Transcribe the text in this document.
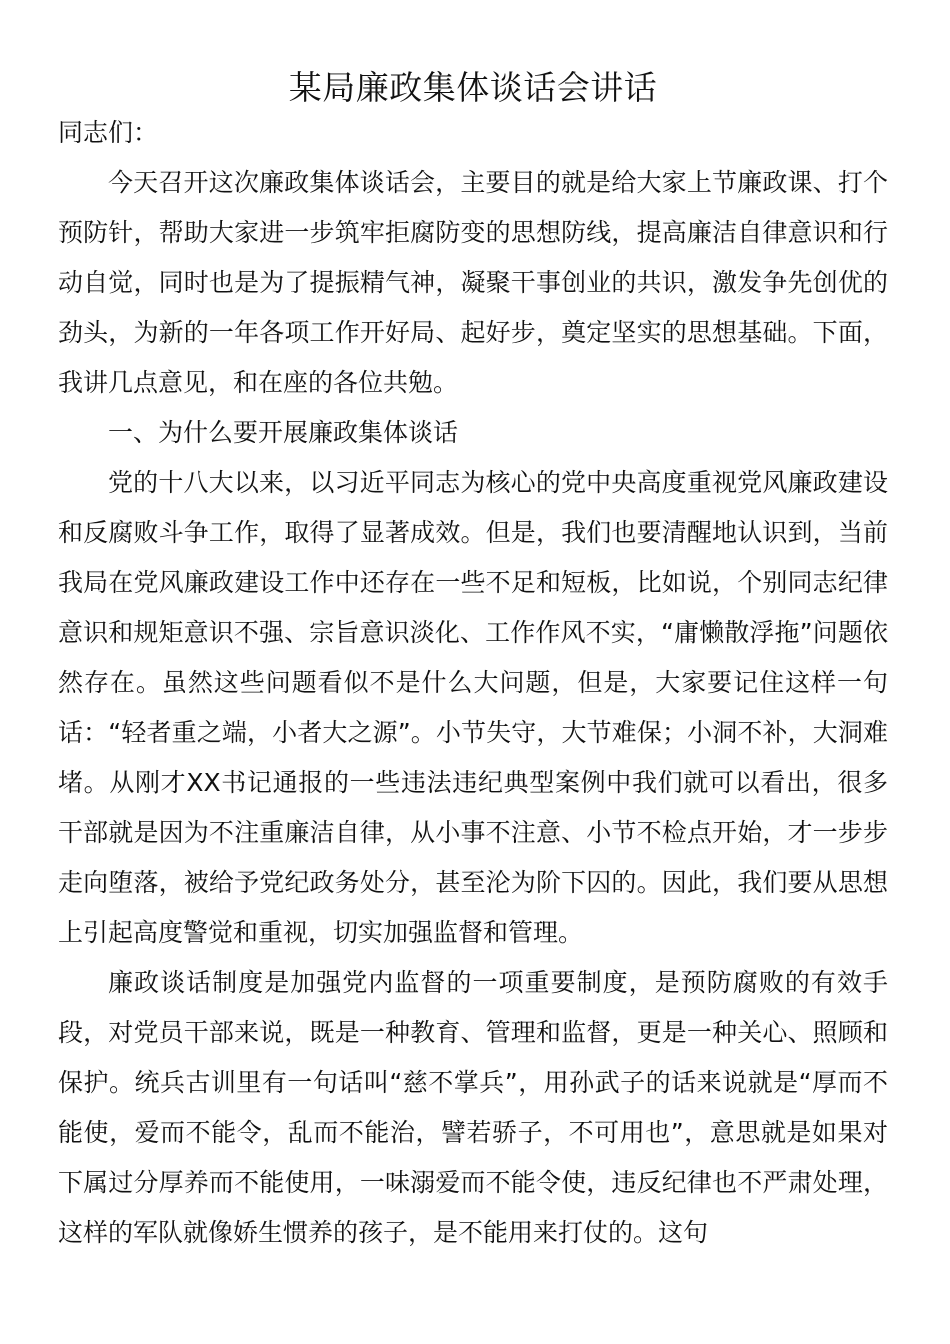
某局廉政集体谈话会讲话

同志们：

今天召开这次廉政集体谈话会，主要目的就是给大家上节廉政课、打个预防针，帮助大家进一步筑牢拒腐防变的思想防线，提高廉洁自律意识和行动自觉，同时也是为了提振精气神，凝聚干事创业的共识，激发争先创优的劲头，为新的一年各项工作开好局、起好步，奠定坚实的思想基础。下面，我讲几点意见，和在座的各位共勉。

一、为什么要开展廉政集体谈话

党的十八大以来，以习近平同志为核心的党中央高度重视党风廉政建设和反腐败斗争工作，取得了显著成效。但是，我们也要清醒地认识到，当前我局在党风廉政建设工作中还存在一些不足和短板，比如说，个别同志纪律意识和规矩意识不强、宗旨意识淡化、工作作风不实，“庸懒散浮拖”问题依然存在。虽然这些问题看似不是什么大问题，但是，大家要记住这样一句话：“轻者重之端，小者大之源”。小节失守，大节难保；小洞不补，大洞难堵。从刚才XX书记通报的一些违法违纪典型案例中我们就可以看出，很多干部就是因为不注重廉洁自律，从小事不注意、小节不检点开始，才一步步走向堕落，被给予党纪政务处分，甚至沦为阶下囚的。因此，我们要从思想上引起高度警觉和重视，切实加强监督和管理。

廉政谈话制度是加强党内监督的一项重要制度，是预防腐败的有效手段，对党员干部来说，既是一种教育、管理和监督，更是一种关心、照顾和保护。统兵古训里有一句话叫“慈不掌兵”，用孙武子的话来说就是“厚而不能使，爱而不能令，乱而不能治，譬若骄子，不可用也”，意思就是如果对下属过分厚养而不能使用，一味溺爱而不能令使，违反纪律也不严肃处理，这样的军队就像娇生惯养的孩子，是不能用来打仗的。这句
